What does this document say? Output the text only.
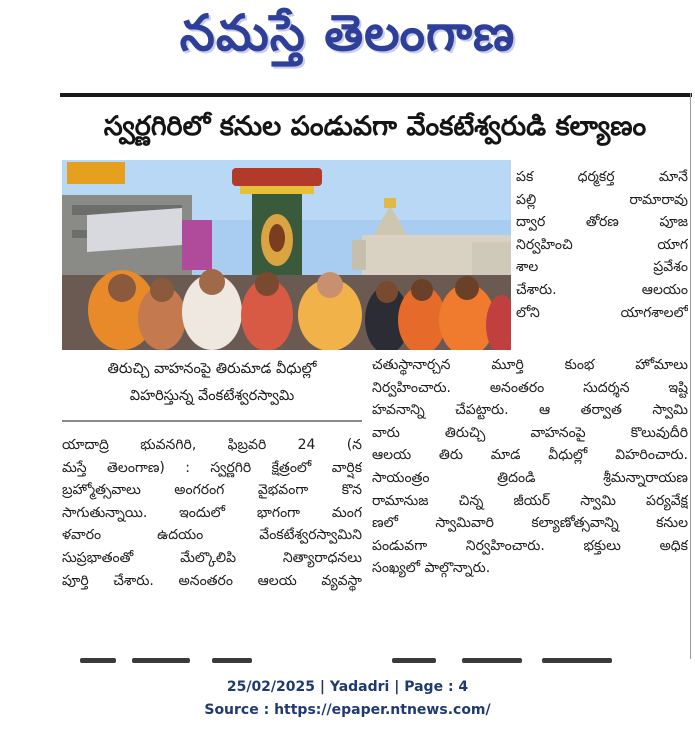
నమస్తే తెలంగాణ
స్వర్ణగిరిలో కనుల పండువగా వేంకటేశ్వరుడి కల్యాణం
తిరుచ్చి వాహనంపై తిరుమాడ వీధుల్లో
విహరిస్తున్న వేంకటేశ్వరస్వామి
పక ధర్మకర్త మానే
పల్లి రామారావు
ద్వార తోరణ పూజ
నిర్వహించి యాగ
శాల ప్రవేశం
చేశారు. ఆలయం
లోని యాగశాలలో
చతుస్థానార్చన మూర్తి కుంభ హోమాలు
నిర్వహించారు. అనంతరం సుదర్శన ఇష్టి
హవనాన్ని చేపట్టారు. ఆ తర్వాత స్వామి
వారు తిరుచ్చి వాహనంపై కొలువుదీరి
ఆలయ తిరు మాడ వీధుల్లో విహరించారు.
సాయంత్రం త్రిదండి శ్రీమన్నారాయణ
రామానుజ చిన్న జీయర్ స్వామి పర్యవేక్ష
ణలో స్వామివారి కల్యాణోత్సవాన్ని కనుల
పండువగా నిర్వహించారు. భక్తులు అధిక
సంఖ్యలో పాల్గొన్నారు.
యాదాద్రి భువనగిరి, ఫిబ్రవరి 24 (న
మస్తే తెలంగాణ) : స్వర్ణగిరి క్షేత్రంలో వార్షిక
బ్రహ్మోత్సవాలు అంగరంగ వైభవంగా కొన
సాగుతున్నాయి. ఇందులో భాగంగా మంగ
ళవారం ఉదయం వేంకటేశ్వరస్వామిని
సుప్రభాతంతో మేల్కొలిపి నిత్యారాధనలు
పూర్తి చేశారు. అనంతరం ఆలయ వ్యవస్థా
25/02/2025 | Yadadri | Page : 4
Source : https://epaper.ntnews.com/
